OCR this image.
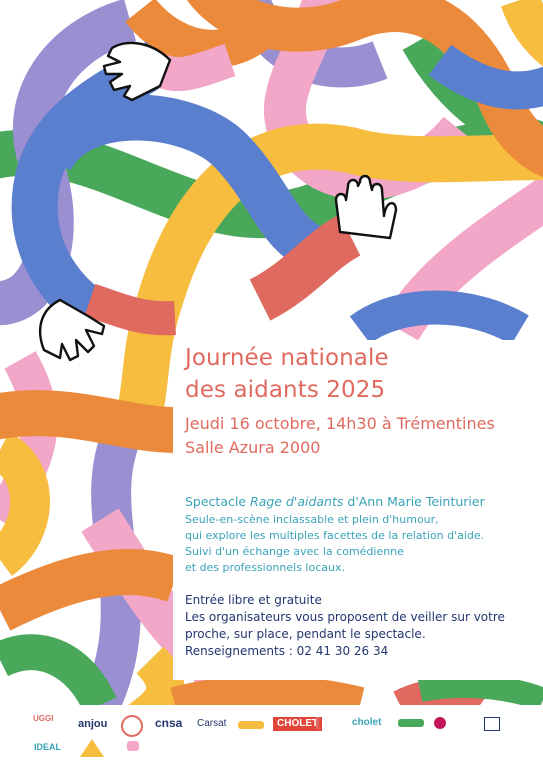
Journée nationale
des aidants 2025
Jeudi 16 octobre, 14h30 à Trémentines
Salle Azura 2000
Spectacle Rage d'aidants d'Ann Marie Teinturier
Seule-en-scène inclassable et plein d'humour,
qui explore les multiples facettes de la relation d'aide.
Suivi d'un échange avec la comédienne
et des professionnels locaux.
Entrée libre et gratuite
Les organisateurs vous proposent de veiller sur votre
proche, sur place, pendant le spectacle.
Renseignements : 02 41 30 26 34
UGGI anjou	cnsa Carsat	CHOLET	cholet
IDEAL
